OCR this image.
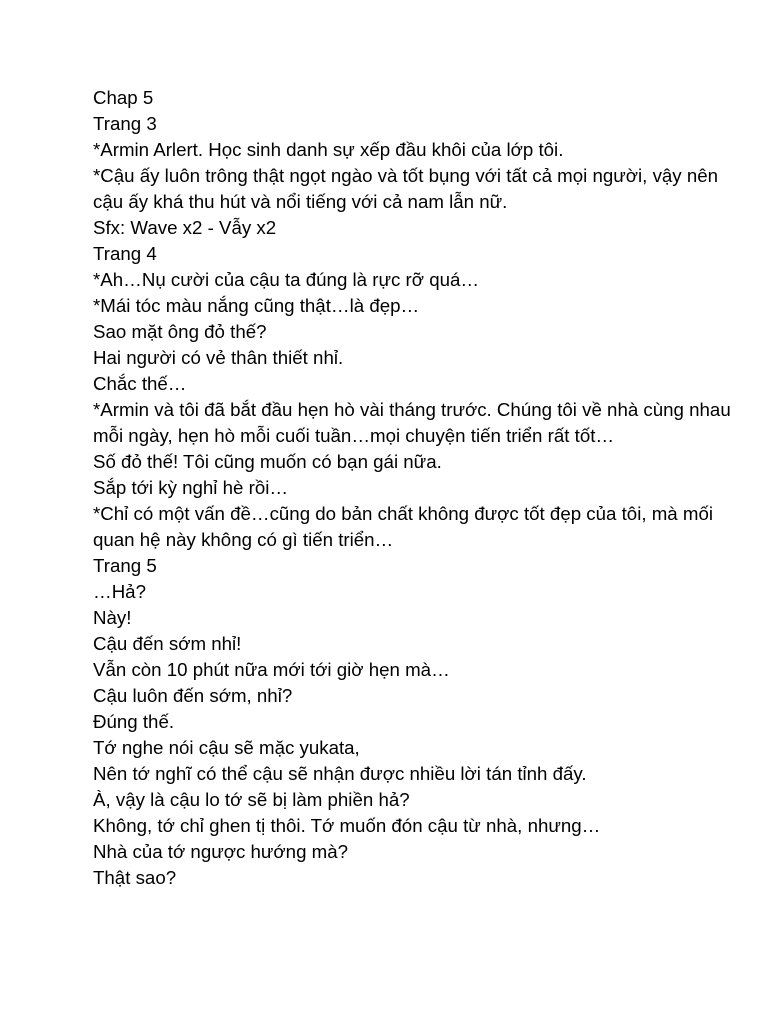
Chap 5

Trang 3

*Armin Arlert. Học sinh danh sự xếp đầu khôi của lớp tôi.

*Cậu ấy luôn trông thật ngọt ngào và tốt bụng với tất cả mọi người, vậy nên cậu ấy khá thu hút và nổi tiếng với cả nam lẫn nữ.

Sfx: Wave x2 - Vẫy x2

Trang 4

*Ah…Nụ cười của cậu ta đúng là rực rỡ quá…

*Mái tóc màu nắng cũng thật…là đẹp…

Sao mặt ông đỏ thế?

Hai người có vẻ thân thiết nhỉ.

Chắc thế…

*Armin và tôi đã bắt đầu hẹn hò vài tháng trước. Chúng tôi về nhà cùng nhau mỗi ngày, hẹn hò mỗi cuối tuần…mọi chuyện tiến triển rất tốt…

Số đỏ thế! Tôi cũng muốn có bạn gái nữa.

Sắp tới kỳ nghỉ hè rồi…

*Chỉ có một vấn đề…cũng do bản chất không được tốt đẹp của tôi, mà mối quan hệ này không có gì tiến triển…

Trang 5

…Hả?

Này!

Cậu đến sớm nhỉ!

Vẫn còn 10 phút nữa mới tới giờ hẹn mà…

Cậu luôn đến sớm, nhỉ?

Đúng thế.

Tớ nghe nói cậu sẽ mặc yukata,

Nên tớ nghĩ có thể cậu sẽ nhận được nhiều lời tán tỉnh đấy.

À, vậy là cậu lo tớ sẽ bị làm phiền hả?

Không, tớ chỉ ghen tị thôi. Tớ muốn đón cậu từ nhà, nhưng…

Nhà của tớ ngược hướng mà?

Thật sao?
